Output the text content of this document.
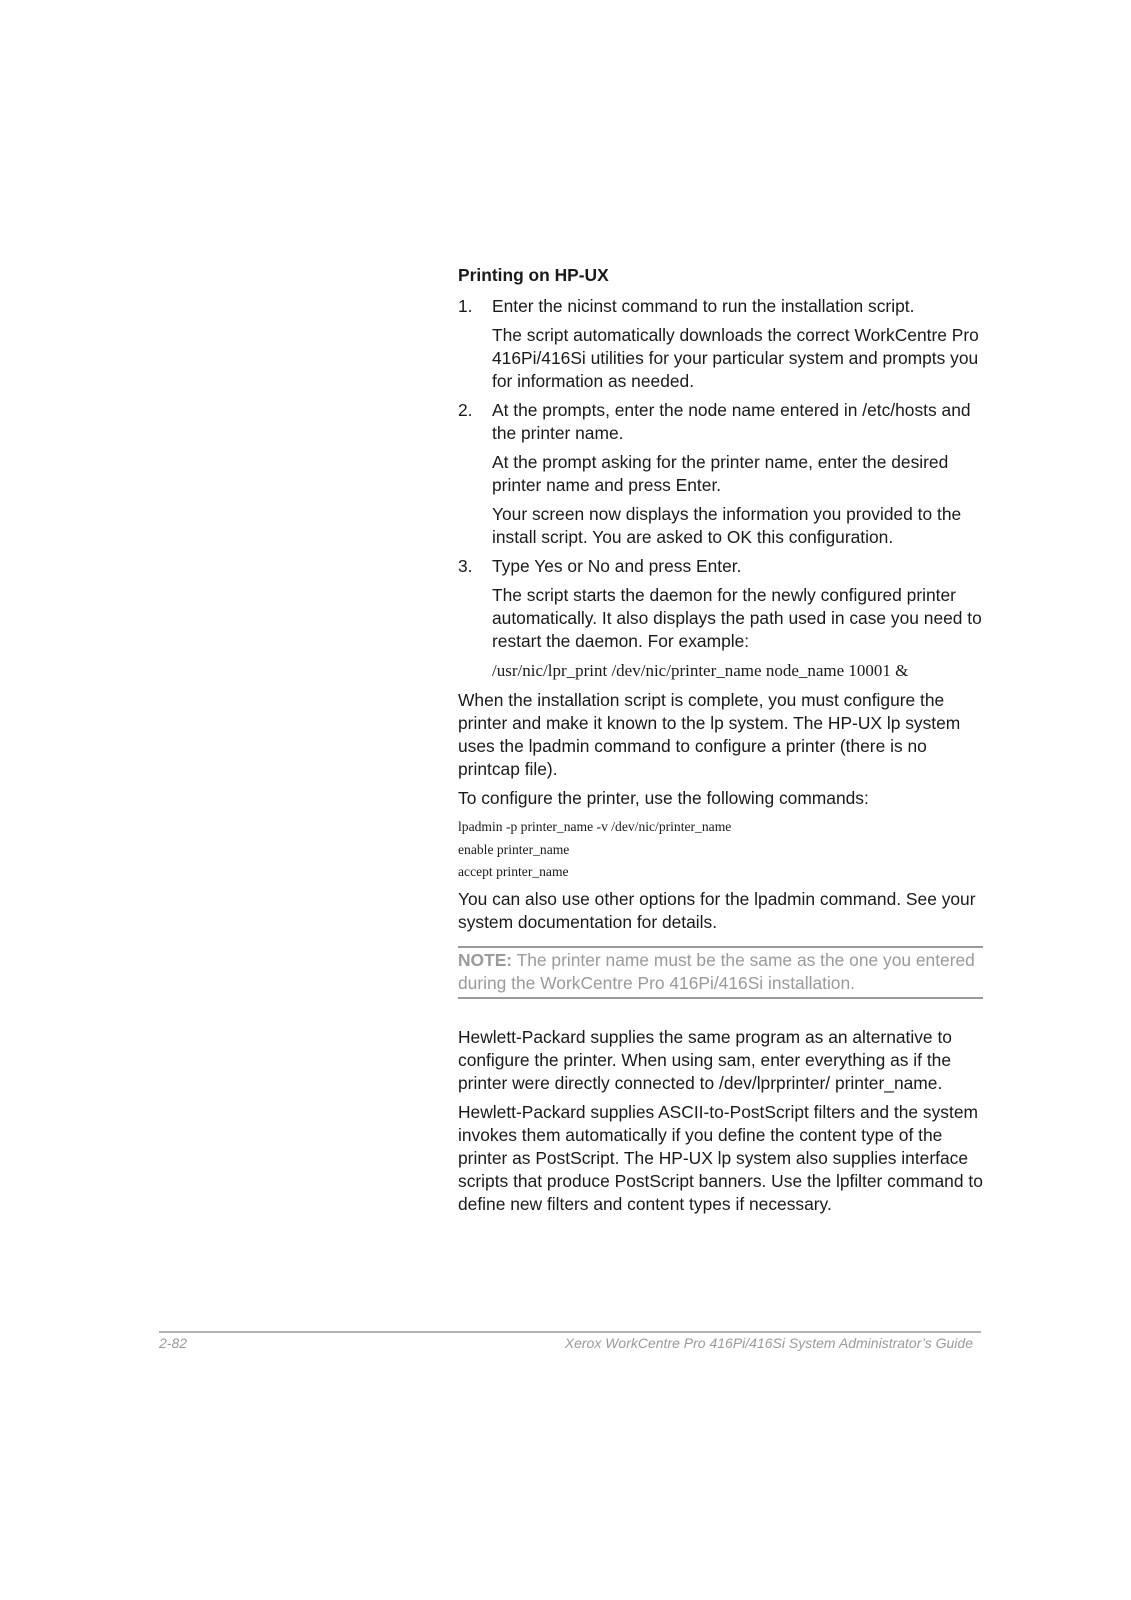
Printing on HP-UX
1.	Enter the nicinst command to run the installation script.
The script automatically downloads the correct WorkCentre Pro 416Pi/416Si utilities for your particular system and prompts you for information as needed.
2.	At the prompts, enter the node name entered in /etc/hosts and the printer name.
At the prompt asking for the printer name, enter the desired printer name and press Enter.
Your screen now displays the information you provided to the install script. You are asked to OK this configuration.
3.	Type Yes or No and press Enter.
The script starts the daemon for the newly configured printer automatically. It also displays the path used in case you need to restart the daemon. For example:
/usr/nic/lpr_print /dev/nic/printer_name node_name 10001 &
When the installation script is complete, you must configure the printer and make it known to the lp system. The HP-UX lp system uses the lpadmin command to configure a printer (there is no printcap file).
To configure the printer, use the following commands:
lpadmin -p printer_name -v /dev/nic/printer_name
enable printer_name
accept printer_name
You can also use other options for the lpadmin command. See your system documentation for details.
NOTE: The printer name must be the same as the one you entered during the WorkCentre Pro 416Pi/416Si installation.
Hewlett-Packard supplies the same program as an alternative to configure the printer. When using sam, enter everything as if the printer were directly connected to /dev/lprprinter/ printer_name.
Hewlett-Packard supplies ASCII-to-PostScript filters and the system invokes them automatically if you define the content type of the printer as PostScript. The HP-UX lp system also supplies interface scripts that produce PostScript banners. Use the lpfilter command to define new filters and content types if necessary.
2-82	Xerox WorkCentre Pro 416Pi/416Si System Administrator’s Guide
